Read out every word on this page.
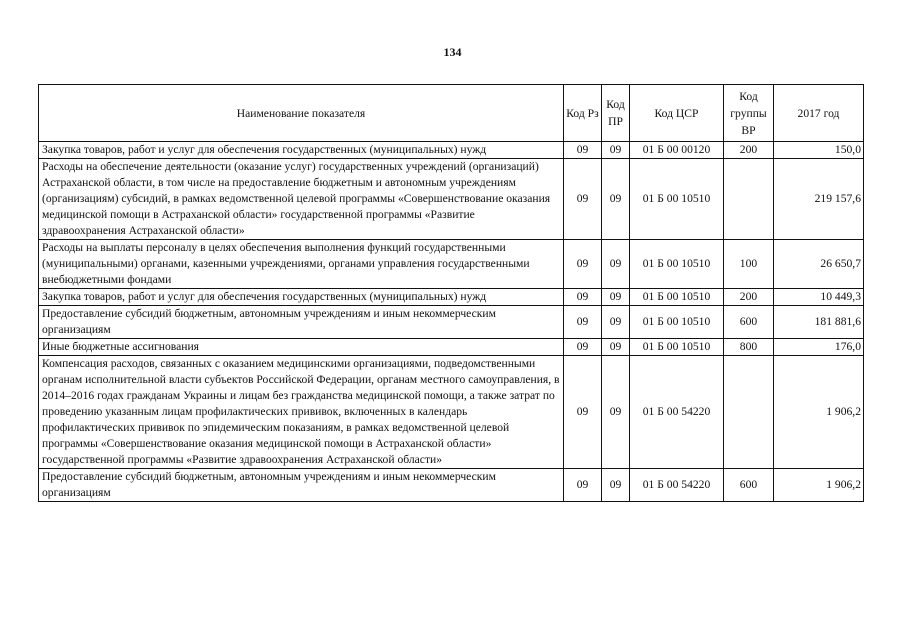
134
Наименование показателя	Код Рз	Код ПР	Код ЦСР	Код группы ВР	2017 год
Закупка товаров, работ и услуг для обеспечения государственных (муниципальных) нужд	09	09	01 Б 00 00120	200	150,0
Расходы на обеспечение деятельности (оказание услуг) государственных учреждений (организаций) Астраханской области, в том числе на предоставление бюджетным и автономным учреждениям (организациям) субсидий, в рамках ведомственной целевой программы «Совершенствование оказания медицинской помощи в Астраханской области» государственной программы «Развитие здравоохранения Астраханской области»	09	09	01 Б 00 10510		219 157,6
Расходы на выплаты персоналу в целях обеспечения выполнения функций государственными (муниципальными) органами, казенными учреждениями, органами управления государственными внебюджетными фондами	09	09	01 Б 00 10510	100	26 650,7
Закупка товаров, работ и услуг для обеспечения государственных (муниципальных) нужд	09	09	01 Б 00 10510	200	10 449,3
Предоставление субсидий бюджетным, автономным учреждениям и иным некоммерческим организациям	09	09	01 Б 00 10510	600	181 881,6
Иные бюджетные ассигнования	09	09	01 Б 00 10510	800	176,0
Компенсация расходов, связанных с оказанием медицинскими организациями, подведомственными органам исполнительной власти субъектов Российской Федерации, органам местного самоуправления, в 2014–2016 годах гражданам Украины и лицам без гражданства медицинской помощи, а также затрат по проведению указанным лицам профилактических прививок, включенных в календарь профилактических прививок по эпидемическим показаниям, в рамках ведомственной целевой программы «Совершенствование оказания медицинской помощи в Астраханской области» государственной программы «Развитие здравоохранения Астраханской области»	09	09	01 Б 00 54220		1 906,2
Предоставление субсидий бюджетным, автономным учреждениям и иным некоммерческим организациям	09	09	01 Б 00 54220	600	1 906,2
